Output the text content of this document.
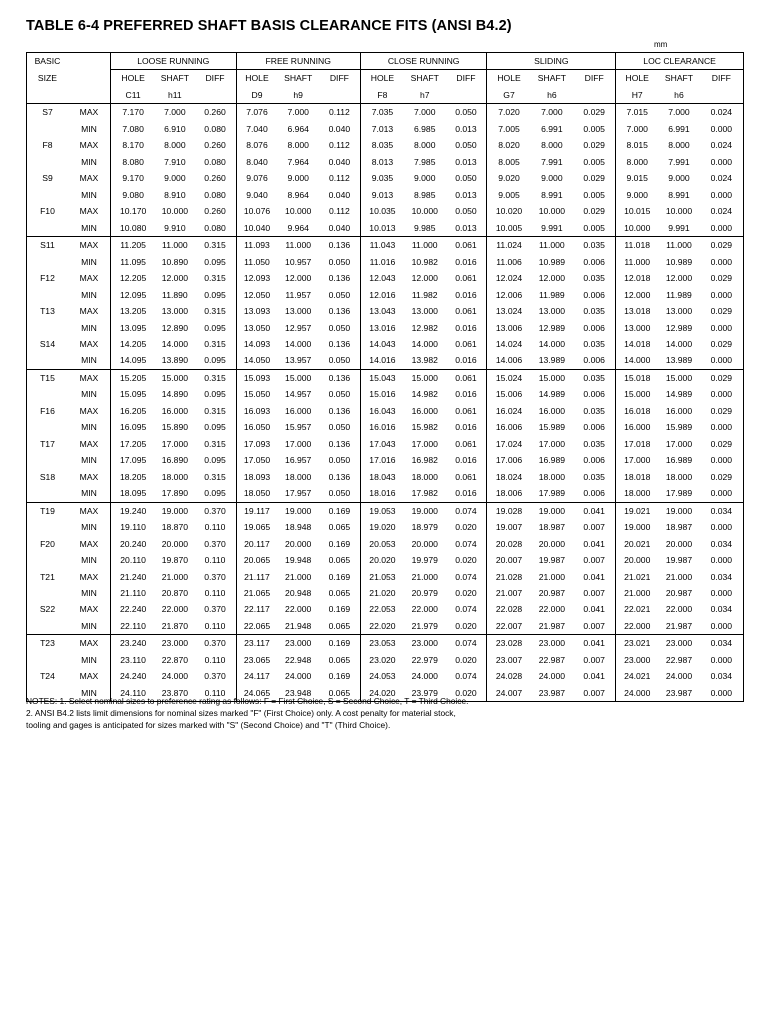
TABLE 6-4 PREFERRED SHAFT BASIS CLEARANCE FITS (ANSI B4.2)
mm
BASIC		LOOSE RUNNING			FREE RUNNING			CLOSE RUNNING			SLIDING			LOC CLEARANCE		
SIZE		HOLE	SHAFT	DIFF	HOLE	SHAFT	DIFF	HOLE	SHAFT	DIFF	HOLE	SHAFT	DIFF	HOLE	SHAFT	DIFF
		C11	h11		D9	h9		F8	h7		G7	h6		H7	h6	
S7	MAX	7.170	7.000	0.260	7.076	7.000	0.112	7.035	7.000	0.050	7.020	7.000	0.029	7.015	7.000	0.024
	MIN	7.080	6.910	0.080	7.040	6.964	0.040	7.013	6.985	0.013	7.005	6.991	0.005	7.000	6.991	0.000
F8	MAX	8.170	8.000	0.260	8.076	8.000	0.112	8.035	8.000	0.050	8.020	8.000	0.029	8.015	8.000	0.024
	MIN	8.080	7.910	0.080	8.040	7.964	0.040	8.013	7.985	0.013	8.005	7.991	0.005	8.000	7.991	0.000
S9	MAX	9.170	9.000	0.260	9.076	9.000	0.112	9.035	9.000	0.050	9.020	9.000	0.029	9.015	9.000	0.024
	MIN	9.080	8.910	0.080	9.040	8.964	0.040	9.013	8.985	0.013	9.005	8.991	0.005	9.000	8.991	0.000
F10	MAX	10.170	10.000	0.260	10.076	10.000	0.112	10.035	10.000	0.050	10.020	10.000	0.029	10.015	10.000	0.024
	MIN	10.080	9.910	0.080	10.040	9.964	0.040	10.013	9.985	0.013	10.005	9.991	0.005	10.000	9.991	0.000
S11	MAX	11.205	11.000	0.315	11.093	11.000	0.136	11.043	11.000	0.061	11.024	11.000	0.035	11.018	11.000	0.029
	MIN	11.095	10.890	0.095	11.050	10.957	0.050	11.016	10.982	0.016	11.006	10.989	0.006	11.000	10.989	0.000
F12	MAX	12.205	12.000	0.315	12.093	12.000	0.136	12.043	12.000	0.061	12.024	12.000	0.035	12.018	12.000	0.029
	MIN	12.095	11.890	0.095	12.050	11.957	0.050	12.016	11.982	0.016	12.006	11.989	0.006	12.000	11.989	0.000
T13	MAX	13.205	13.000	0.315	13.093	13.000	0.136	13.043	13.000	0.061	13.024	13.000	0.035	13.018	13.000	0.029
	MIN	13.095	12.890	0.095	13.050	12.957	0.050	13.016	12.982	0.016	13.006	12.989	0.006	13.000	12.989	0.000
S14	MAX	14.205	14.000	0.315	14.093	14.000	0.136	14.043	14.000	0.061	14.024	14.000	0.035	14.018	14.000	0.029
	MIN	14.095	13.890	0.095	14.050	13.957	0.050	14.016	13.982	0.016	14.006	13.989	0.006	14.000	13.989	0.000
T15	MAX	15.205	15.000	0.315	15.093	15.000	0.136	15.043	15.000	0.061	15.024	15.000	0.035	15.018	15.000	0.029
	MIN	15.095	14.890	0.095	15.050	14.957	0.050	15.016	14.982	0.016	15.006	14.989	0.006	15.000	14.989	0.000
F16	MAX	16.205	16.000	0.315	16.093	16.000	0.136	16.043	16.000	0.061	16.024	16.000	0.035	16.018	16.000	0.029
	MIN	16.095	15.890	0.095	16.050	15.957	0.050	16.016	15.982	0.016	16.006	15.989	0.006	16.000	15.989	0.000
T17	MAX	17.205	17.000	0.315	17.093	17.000	0.136	17.043	17.000	0.061	17.024	17.000	0.035	17.018	17.000	0.029
	MIN	17.095	16.890	0.095	17.050	16.957	0.050	17.016	16.982	0.016	17.006	16.989	0.006	17.000	16.989	0.000
S18	MAX	18.205	18.000	0.315	18.093	18.000	0.136	18.043	18.000	0.061	18.024	18.000	0.035	18.018	18.000	0.029
	MIN	18.095	17.890	0.095	18.050	17.957	0.050	18.016	17.982	0.016	18.006	17.989	0.006	18.000	17.989	0.000
T19	MAX	19.240	19.000	0.370	19.117	19.000	0.169	19.053	19.000	0.074	19.028	19.000	0.041	19.021	19.000	0.034
	MIN	19.110	18.870	0.110	19.065	18.948	0.065	19.020	18.979	0.020	19.007	18.987	0.007	19.000	18.987	0.000
F20	MAX	20.240	20.000	0.370	20.117	20.000	0.169	20.053	20.000	0.074	20.028	20.000	0.041	20.021	20.000	0.034
	MIN	20.110	19.870	0.110	20.065	19.948	0.065	20.020	19.979	0.020	20.007	19.987	0.007	20.000	19.987	0.000
T21	MAX	21.240	21.000	0.370	21.117	21.000	0.169	21.053	21.000	0.074	21.028	21.000	0.041	21.021	21.000	0.034
	MIN	21.110	20.870	0.110	21.065	20.948	0.065	21.020	20.979	0.020	21.007	20.987	0.007	21.000	20.987	0.000
S22	MAX	22.240	22.000	0.370	22.117	22.000	0.169	22.053	22.000	0.074	22.028	22.000	0.041	22.021	22.000	0.034
	MIN	22.110	21.870	0.110	22.065	21.948	0.065	22.020	21.979	0.020	22.007	21.987	0.007	22.000	21.987	0.000
T23	MAX	23.240	23.000	0.370	23.117	23.000	0.169	23.053	23.000	0.074	23.028	23.000	0.041	23.021	23.000	0.034
	MIN	23.110	22.870	0.110	23.065	22.948	0.065	23.020	22.979	0.020	23.007	22.987	0.007	23.000	22.987	0.000
T24	MAX	24.240	24.000	0.370	24.117	24.000	0.169	24.053	24.000	0.074	24.028	24.000	0.041	24.021	24.000	0.034
	MIN	24.110	23.870	0.110	24.065	23.948	0.065	24.020	23.979	0.020	24.007	23.987	0.007	24.000	23.987	0.000
NOTES: 1. Select nominal sizes to preference rating as follows: F = First Choice, S = Second Choice, T = Third Choice.
2. ANSI B4.2 lists limit dimensions for nominal sizes marked "F" (First Choice) only. A cost penalty for material stock,
tooling and gages is anticipated for sizes marked with "S" (Second Choice) and "T" (Third Choice).
